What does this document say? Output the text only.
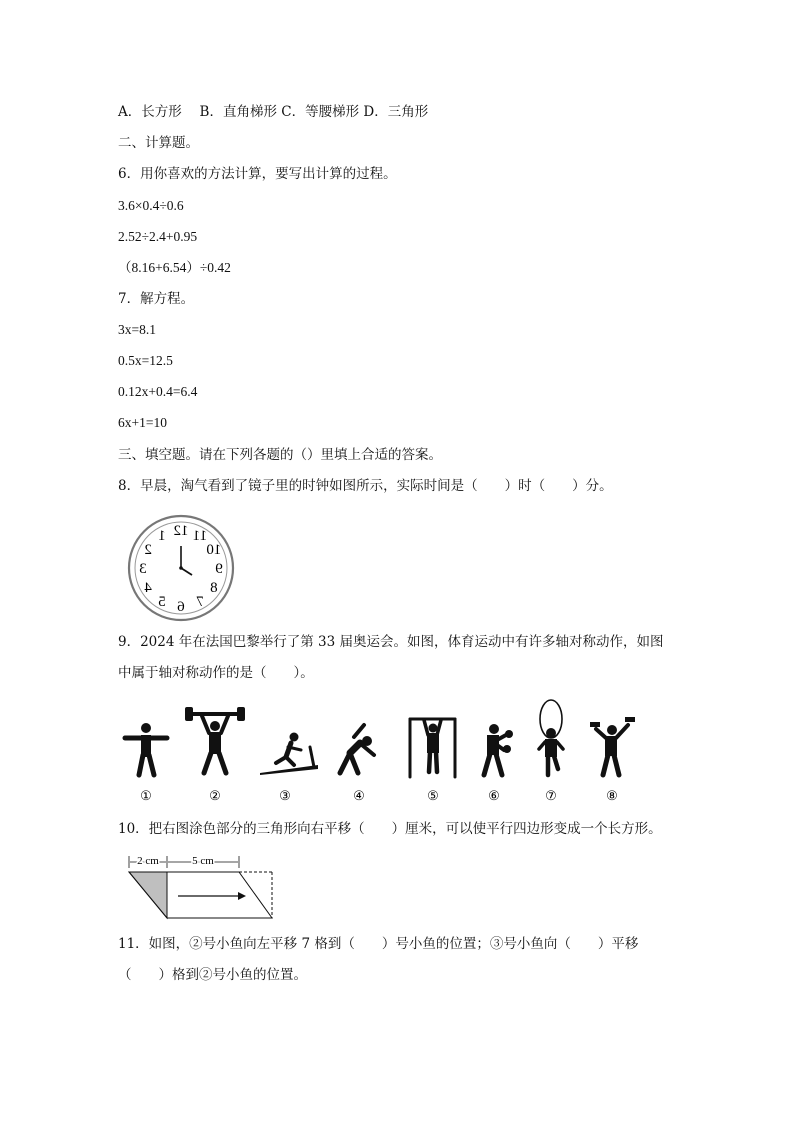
A．长方形　 B．直角梯形 C．等腰梯形 D．三角形
二、计算题。
6．用你喜欢的方法计算，要写出计算的过程。
3.6×0.4÷0.6
2.52÷2.4+0.95
（8.16+6.54）÷0.42
7．解方程。
3x=8.1
0.5x=12.5
0.12x+0.4=6.4
6x+1=10
三、填空题。请在下列各题的（）里填上合适的答案。
8．早晨，淘气看到了镜子里的时钟如图所示，实际时间是（　　）时（　　）分。
12 11
10
9
8
7
6
5
4
3
2
1
9．2024 年在法国巴黎举行了第 33 届奥运会。如图，体育运动中有许多轴对称动作，如图
中属于轴对称动作的是（　　）。
①	②	③	④	⑤	⑥	⑦	⑧
10．把右图涂色部分的三角形向右平移（　　）厘米，可以使平行四边形变成一个长方形。
2 cm	5 cm
11．如图，②号小鱼向左平移 7 格到（　　）号小鱼的位置；③号小鱼向（　　）平移
（　　）格到②号小鱼的位置。
